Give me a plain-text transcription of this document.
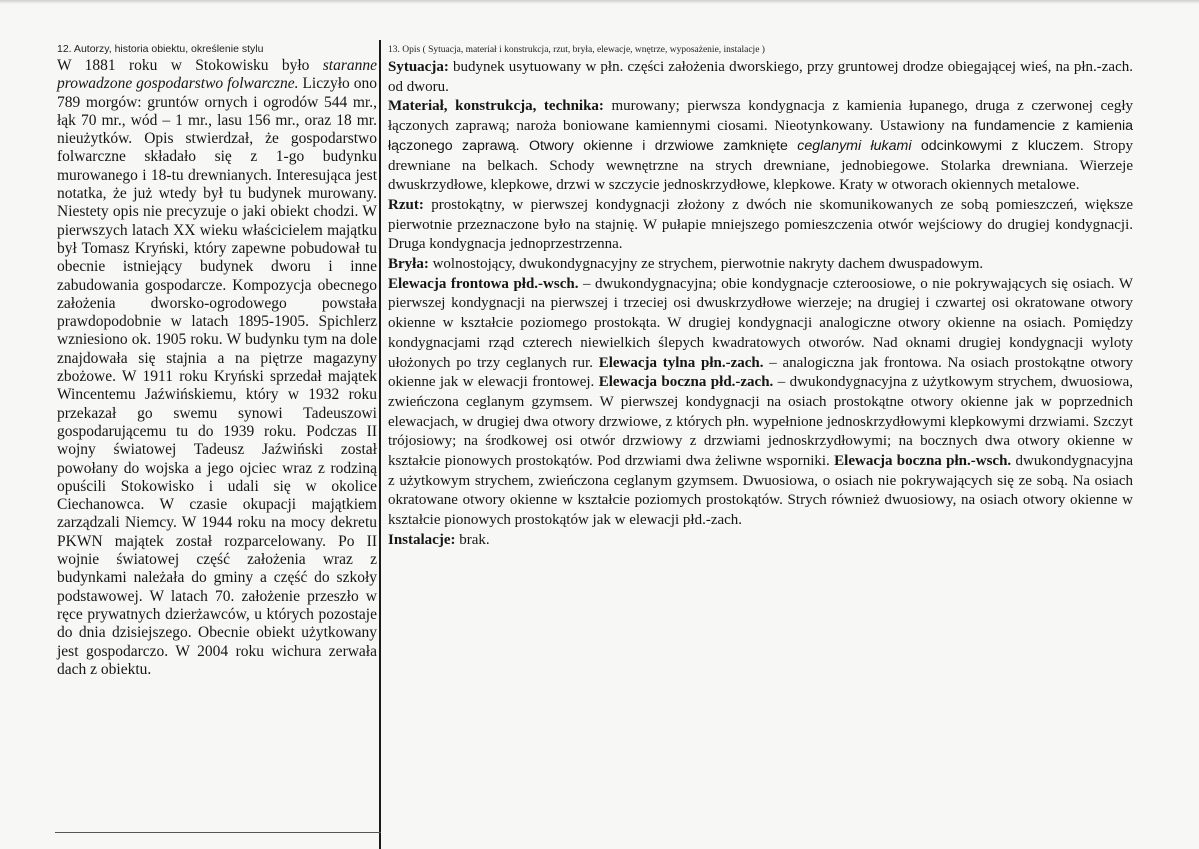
12. Autorzy, historia obiektu, określenie stylu

W 1881 roku w Stokowisku było staranne prowadzone gospodarstwo folwarczne. Liczyło ono 789 morgów: gruntów ornych i ogrodów 544 mr., łąk 70 mr., wód – 1 mr., lasu 156 mr., oraz 18 mr. nieużytków. Opis stwierdzał, że gospodarstwo folwarczne składało się z 1-go budynku murowanego i 18-tu drewnianych. Interesująca jest notatka, że już wtedy był tu budynek murowany. Niestety opis nie precyzuje o jaki obiekt chodzi. W pierwszych latach XX wieku właścicielem majątku był Tomasz Kryński, który zapewne pobudował tu obecnie istniejący budynek dworu i inne zabudowania gospodarcze. Kompozycja obecnego założenia dworsko-ogrodowego powstała prawdopodobnie w latach 1895-1905. Spichlerz wzniesiono ok. 1905 roku. W budynku tym na dole znajdowała się stajnia a na piętrze magazyny zbożowe. W 1911 roku Kryński sprzedał majątek Wincentemu Jaźwińskiemu, który w 1932 roku przekazał go swemu synowi Tadeuszowi gospodarującemu tu do 1939 roku. Podczas II wojny światowej Tadeusz Jaźwiński został powołany do wojska a jego ojciec wraz z rodziną opuścili Stokowisko i udali się w okolice Ciechanowca. W czasie okupacji majątkiem zarządzali Niemcy. W 1944 roku na mocy dekretu PKWN majątek został rozparcelowany. Po II wojnie światowej część założenia wraz z budynkami należała do gminy a część do szkoły podstawowej. W latach 70. założenie przeszło w ręce prywatnych dzierżawców, u których pozostaje do dnia dzisiejszego. Obecnie obiekt użytkowany jest gospodarczo. W 2004 roku wichura zerwała dach z obiektu.

13. Opis ( Sytuacja, materiał i konstrukcja, rzut, bryła, elewacje, wnętrze, wyposażenie, instalacje )

Sytuacja: budynek usytuowany w płn. części założenia dworskiego, przy gruntowej drodze obiegającej wieś, na płn.-zach. od dworu.

Materiał, konstrukcja, technika: murowany; pierwsza kondygnacja z kamienia łupanego, druga z czerwonej cegły łączonych zaprawą; naroża boniowane kamiennymi ciosami. Nieotynkowany. Ustawiony na fundamencie z kamienia łączonego zaprawą. Otwory okienne i drzwiowe zamknięte ceglanymi łukami odcinkowymi z kluczem. Stropy drewniane na belkach. Schody wewnętrzne na strych drewniane, jednobiegowe. Stolarka drewniana. Wierzeje dwuskrzydłowe, klepkowe, drzwi w szczycie jednoskrzydłowe, klepkowe. Kraty w otworach okiennych metalowe.

Rzut: prostokątny, w pierwszej kondygnacji złożony z dwóch nie skomunikowanych ze sobą pomieszczeń, większe pierwotnie przeznaczone było na stajnię. W pułapie mniejszego pomieszczenia otwór wejściowy do drugiej kondygnacji. Druga kondygnacja jednoprzestrzenna.

Bryła: wolnostojący, dwukondygnacyjny ze strychem, pierwotnie nakryty dachem dwuspadowym.

Elewacja frontowa płd.-wsch. – dwukondygnacyjna; obie kondygnacje czteroosiowe, o nie pokrywających się osiach. W pierwszej kondygnacji na pierwszej i trzeciej osi dwuskrzydłowe wierzeje; na drugiej i czwartej osi okratowane otwory okienne w kształcie poziomego prostokąta. W drugiej kondygnacji analogiczne otwory okienne na osiach. Pomiędzy kondygnacjami rząd czterech niewielkich ślepych kwadratowych otworów. Nad oknami drugiej kondygnacji wyloty ułożonych po trzy ceglanych rur. Elewacja tylna płn.-zach. – analogiczna jak frontowa. Na osiach prostokątne otwory okienne jak w elewacji frontowej. Elewacja boczna płd.-zach. – dwukondygnacyjna z użytkowym strychem, dwuosiowa, zwieńczona ceglanym gzymsem. W pierwszej kondygnacji na osiach prostokątne otwory okienne jak w poprzednich elewacjach, w drugiej dwa otwory drzwiowe, z których płn. wypełnione jednoskrzydłowymi klepkowymi drzwiami. Szczyt trójosiowy; na środkowej osi otwór drzwiowy z drzwiami jednoskrzydłowymi; na bocznych dwa otwory okienne w kształcie pionowych prostokątów. Pod drzwiami dwa żeliwne wsporniki. Elewacja boczna płn.-wsch. dwukondygnacyjna z użytkowym strychem, zwieńczona ceglanym gzymsem. Dwuosiowa, o osiach nie pokrywających się ze sobą. Na osiach okratowane otwory okienne w kształcie poziomych prostokątów. Strych również dwuosiowy, na osiach otwory okienne w kształcie pionowych prostokątów jak w elewacji płd.-zach.

Instalacje: brak.
